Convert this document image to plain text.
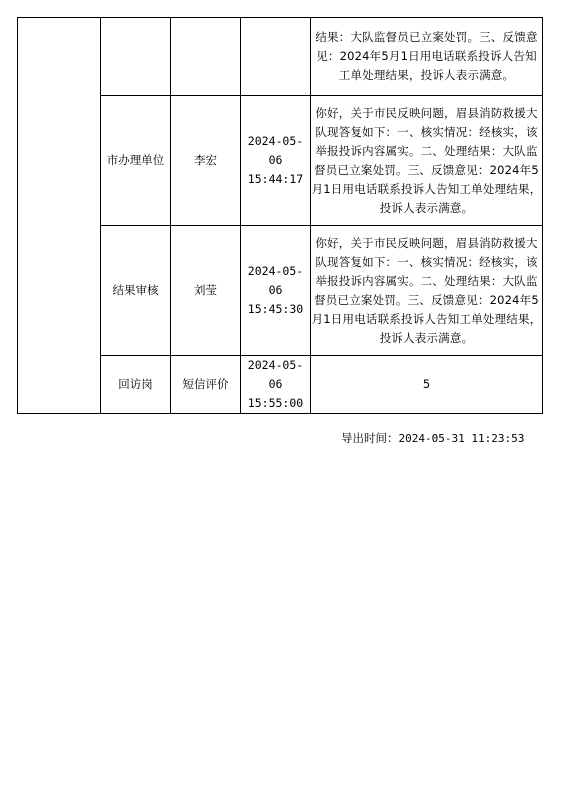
				结果：大队监督员已立案处罚。三、反馈意见：2024年5月1日用电话联系投诉人告知工单处理结果，投诉人表示满意。
	市办理单位	李宏	2024-05-06 15:44:17	你好，关于市民反映问题，眉县消防救援大队现答复如下：一、核实情况：经核实，该举报投诉内容属实。二、处理结果：大队监督员已立案处罚。三、反馈意见：2024年5月1日用电话联系投诉人告知工单处理结果，投诉人表示满意。
	结果审核	刘莹	2024-05-06 15:45:30	你好，关于市民反映问题，眉县消防救援大队现答复如下：一、核实情况：经核实，该举报投诉内容属实。二、处理结果：大队监督员已立案处罚。三、反馈意见：2024年5月1日用电话联系投诉人告知工单处理结果，投诉人表示满意。
	回访岗	短信评价	2024-05-06 15:55:00	5
导出时间：2024-05-31 11:23:53
